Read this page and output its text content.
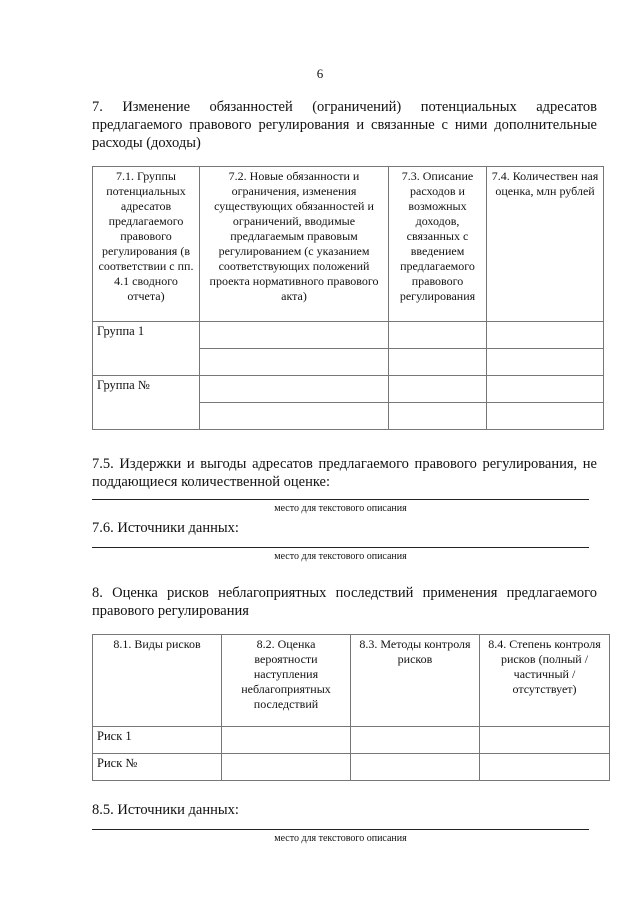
6
7. Изменение обязанностей (ограничений) потенциальных адресатов предлагаемого правового регулирования и связанные с ними дополнительные расходы (доходы)
7.1. Группы потенциальных адресатов предлагаемого правового регулирования (в соответствии с пп. 4.1 сводного отчета)	7.2. Новые обязанности и ограничения, изменения существующих обязанностей и ограничений, вводимые предлагаемым правовым регулированием (с указанием соответствующих положений проекта нормативного правового акта)	7.3. Описание расходов и возможных доходов, связанных с введением предлагаемого правового регулирования	7.4. Количествен ная оценка, млн рублей
Группа 1			

Группа №			

7.5. Издержки и выгоды адресатов предлагаемого правового регулирования, не поддающиеся количественной оценке:
место для текстового описания
7.6. Источники данных:
место для текстового описания
8. Оценка рисков неблагоприятных последствий применения предлагаемого правового регулирования
8.1. Виды рисков	8.2. Оценка вероятности наступления неблагоприятных последствий	8.3. Методы контроля рисков	8.4. Степень контроля рисков (полный / частичный / отсутствует)
Риск 1			
Риск №			
8.5. Источники данных:
место для текстового описания
